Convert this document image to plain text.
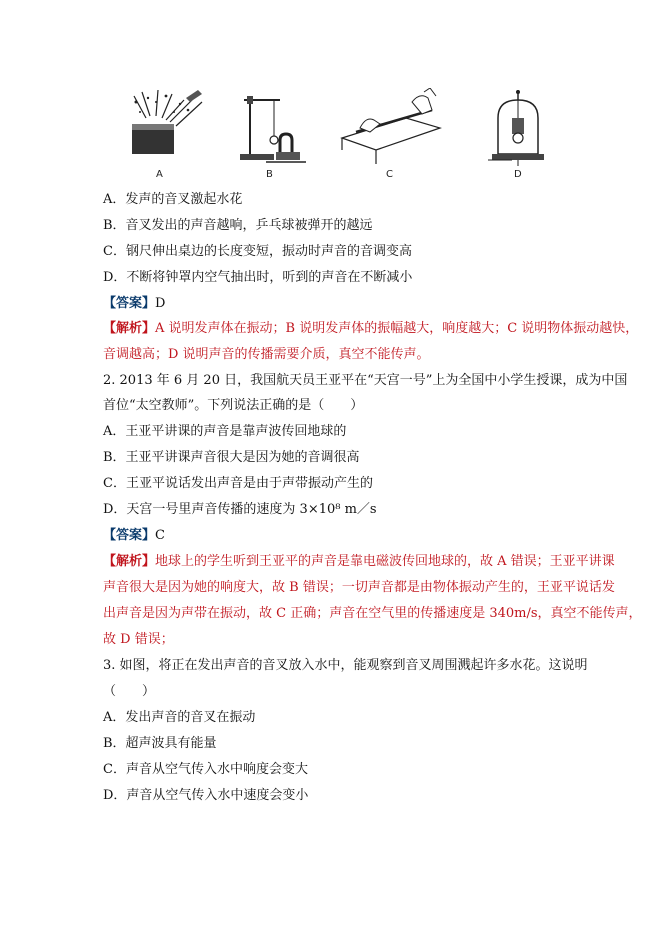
A	B	C	D
A．发声的音叉激起水花
B．音叉发出的声音越响，乒乓球被弹开的越远
C．钢尺伸出桌边的长度变短，振动时声音的音调变高
D．不断将钟罩内空气抽出时，听到的声音在不断减小
【答案】D
【解析】A 说明发声体在振动；B 说明发声体的振幅越大，响度越大；C 说明物体振动越快，
音调越高；D 说明声音的传播需要介质，真空不能传声。
2. 2013 年 6 月 20 日，我国航天员王亚平在“天宫一号”上为全国中小学生授课，成为中国
首位“太空教师”。下列说法正确的是（　　）
A．王亚平讲课的声音是靠声波传回地球的
B．王亚平讲课声音很大是因为她的音调很高
C．王亚平说话发出声音是由于声带振动产生的
D．天宫一号里声音传播的速度为 3×10⁸ m／s
【答案】C
【解析】地球上的学生听到王亚平的声音是靠电磁波传回地球的，故 A 错误；王亚平讲课
声音很大是因为她的响度大，故 B 错误；一切声音都是由物体振动产生的，王亚平说话发
出声音是因为声带在振动，故 C 正确；声音在空气里的传播速度是 340m/s，真空不能传声，
故 D 错误；
3. 如图，将正在发出声音的音叉放入水中，能观察到音叉周围溅起许多水花。这说明
（　　）
A．发出声音的音叉在振动
B．超声波具有能量
C．声音从空气传入水中响度会变大
D．声音从空气传入水中速度会变小
